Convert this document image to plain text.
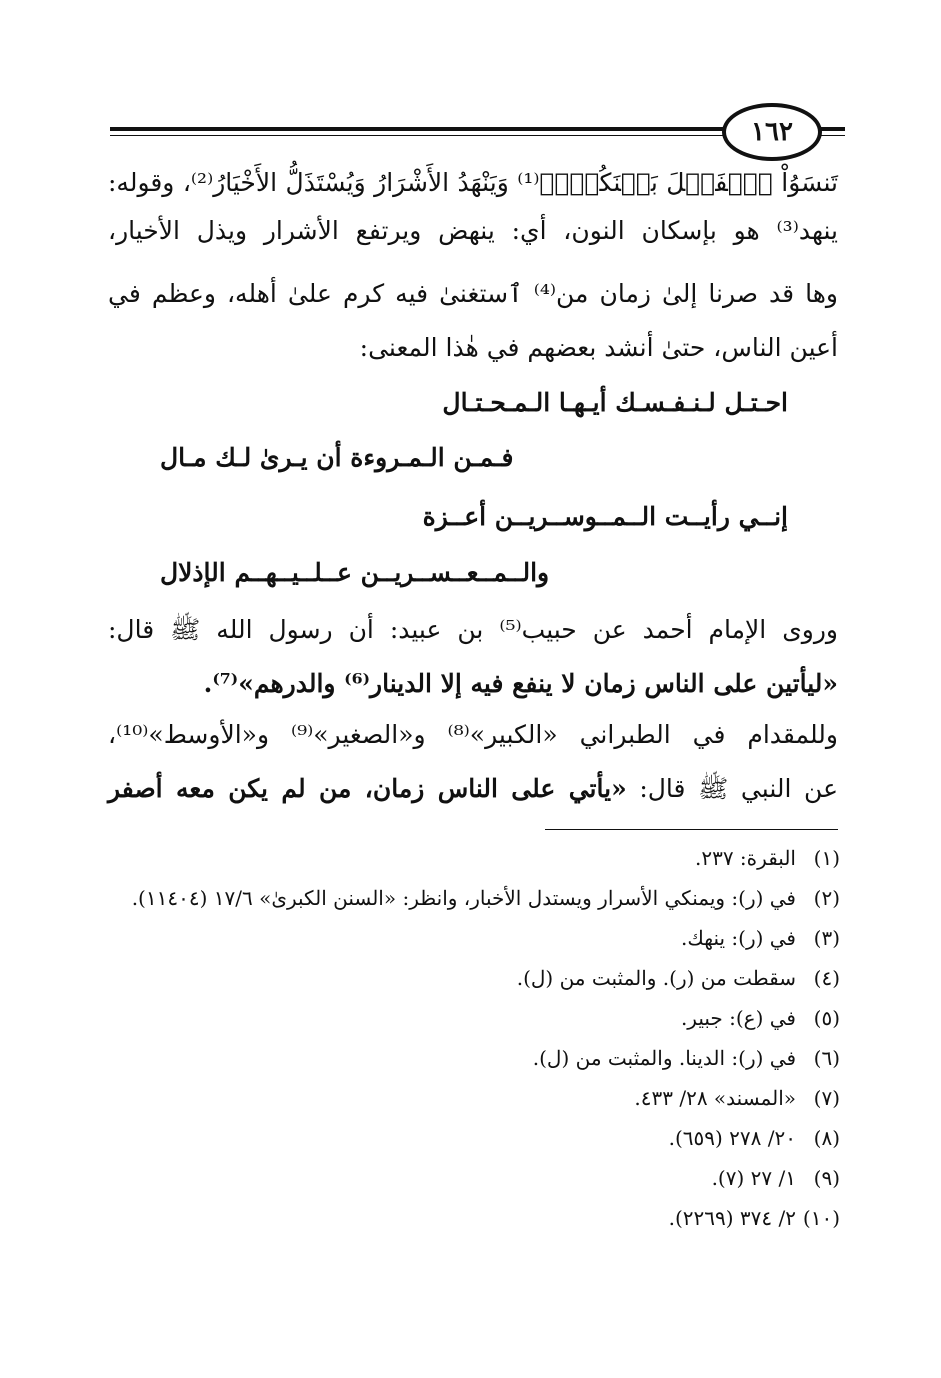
١٦٢
تَنسَوُاْ ٱلۡفَضۡلَ بَيۡنَكُمۡۚ﴾⁽¹⁾ وَيَنْهَدُ الأَشْرَارُ وَيُسْتَذَلُّ الأَخْيَارُ⁽²⁾، وقوله:
ينهد⁽³⁾ هو بإسكان النون، أي: ينهض ويرتفع الأشرار ويذل الأخيار،
وها قد صرنا إلىٰ زمان من⁽⁴⁾ ٱستغنىٰ فيه كرم علىٰ أهله، وعظم في
أعين الناس، حتىٰ أنشد بعضهم في هٰذا المعنى:
احـتـل لـنـفـسـك أيـهـا الـمـحـتـال
فـمـن الـمـروءة أن يـرىٰ لـك مـال
إنــي رأيــت الــمــوســريــن أعــزة
والــمــعــســريــن عــلــيــهــم الإذلال
وروى الإمام أحمد عن حبيب⁽⁵⁾ بن عبيد: أن رسول الله ﷺ قال:
«ليأتين على الناس زمان لا ينفع فيه إلا الدينار⁽⁶⁾ والدرهم»⁽⁷⁾.
وللمقدام في الطبراني «الكبير»⁽⁸⁾ و«الصغير»⁽⁹⁾ و«الأوسط»⁽¹⁰⁾،
عن النبي ﷺ قال: «يأتي على الناس زمان، من لم يكن معه أصفر
(١)
البقرة: ٢٣٧.
(٢)
في (ر): ويمنكي الأسرار ويستدل الأخبار، وانظر: «السنن الكبرىٰ» ١٧/٦ (١١٤٠٤).
(٣)
في (ر): ينهك.
(٤)
سقطت من (ر). والمثبت من (ل).
(٥)
في (ع): جبير.
(٦)
في (ر): الدينا. والمثبت من (ل).
(٧)
«المسند» ٢٨/ ٤٣٣.
(٨)
٢٠/ ٢٧٨ (٦٥٩).
(٩)
١/ ٢٧ (٧).
(١٠)
٢/ ٣٧٤ (٢٢٦٩).
